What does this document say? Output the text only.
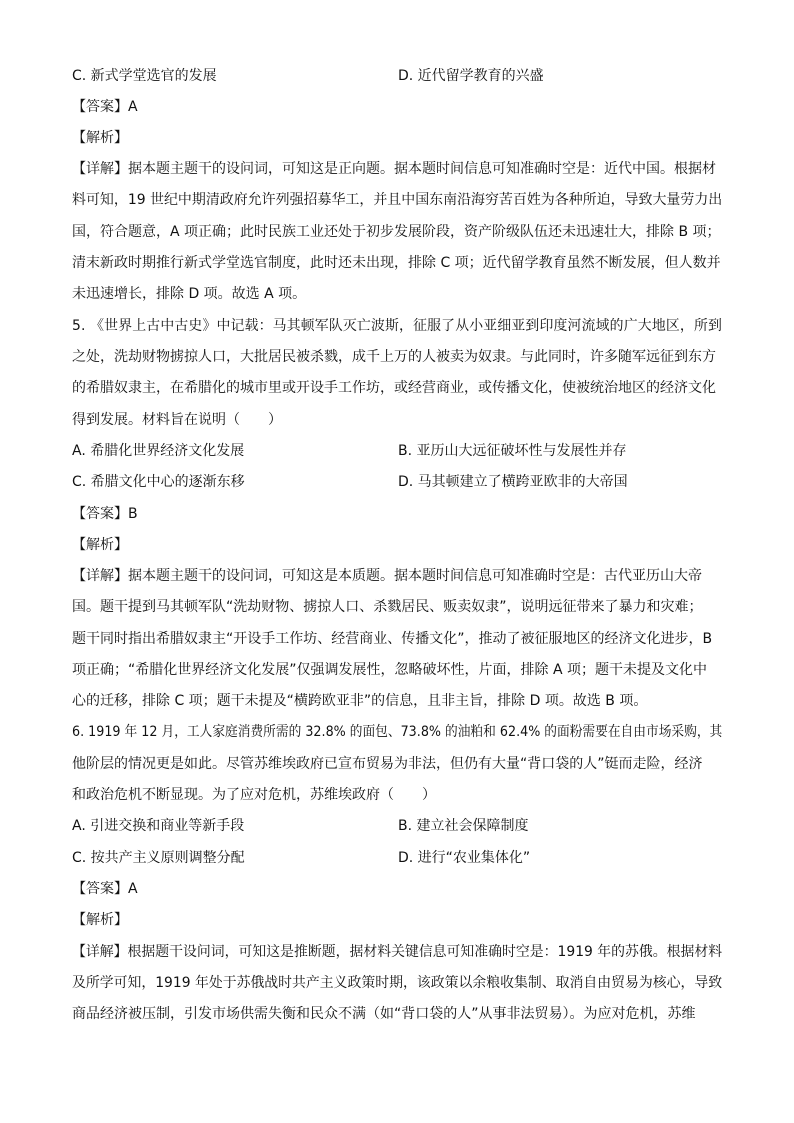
C. 新式学堂选官的发展	D. 近代留学教育的兴盛
【答案】A
【解析】
【详解】据本题主题干的设问词，可知这是正向题。据本题时间信息可知准确时空是：近代中国。根据材
料可知，19 世纪中期清政府允许列强招募华工，并且中国东南沿海穷苦百姓为各种所迫，导致大量劳力出
国，符合题意，A 项正确；此时民族工业还处于初步发展阶段，资产阶级队伍还未迅速壮大，排除 B 项；
清末新政时期推行新式学堂选官制度，此时还未出现，排除 C 项；近代留学教育虽然不断发展，但人数并
未迅速增长，排除 D 项。故选 A 项。
5. 《世界上古中古史》中记载：马其顿军队灭亡波斯，征服了从小亚细亚到印度河流域的广大地区，所到
之处，洗劫财物掳掠人口，大批居民被杀戮，成千上万的人被卖为奴隶。与此同时，许多随军远征到东方
的希腊奴隶主，在希腊化的城市里或开设手工作坊，或经营商业，或传播文化，使被统治地区的经济文化
得到发展。材料旨在说明（　　）
A. 希腊化世界经济文化发展	B. 亚历山大远征破坏性与发展性并存
C. 希腊文化中心的逐渐东移	D. 马其顿建立了横跨亚欧非的大帝国
【答案】B
【解析】
【详解】据本题主题干的设问词，可知这是本质题。据本题时间信息可知准确时空是：古代亚历山大帝
国。题干提到马其顿军队“洗劫财物、掳掠人口、杀戮居民、贩卖奴隶”，说明远征带来了暴力和灾难；
题干同时指出希腊奴隶主“开设手工作坊、经营商业、传播文化”，推动了被征服地区的经济文化进步，B
项正确；“希腊化世界经济文化发展”仅强调发展性，忽略破坏性，片面，排除 A 项；题干未提及文化中
心的迁移，排除 C 项；题干未提及“横跨欧亚非”的信息，且非主旨，排除 D 项。故选 B 项。
6. 1919 年 12 月，工人家庭消费所需的 32.8% 的面包、73.8% 的油粕和 62.4% 的面粉需要在自由市场采购，其
他阶层的情况更是如此。尽管苏维埃政府已宣布贸易为非法，但仍有大量“背口袋的人”铤而走险，经济
和政治危机不断显现。为了应对危机，苏维埃政府（　　）
A. 引进交换和商业等新手段	B. 建立社会保障制度
C. 按共产主义原则调整分配	D. 进行“农业集体化”
【答案】A
【解析】
【详解】根据题干设问词，可知这是推断题，据材料关键信息可知准确时空是：1919 年的苏俄。根据材料
及所学可知，1919 年处于苏俄战时共产主义政策时期，该政策以余粮收集制、取消自由贸易为核心，导致
商品经济被压制，引发市场供需失衡和民众不满（如“背口袋的人”从事非法贸易）。为应对危机，苏维
